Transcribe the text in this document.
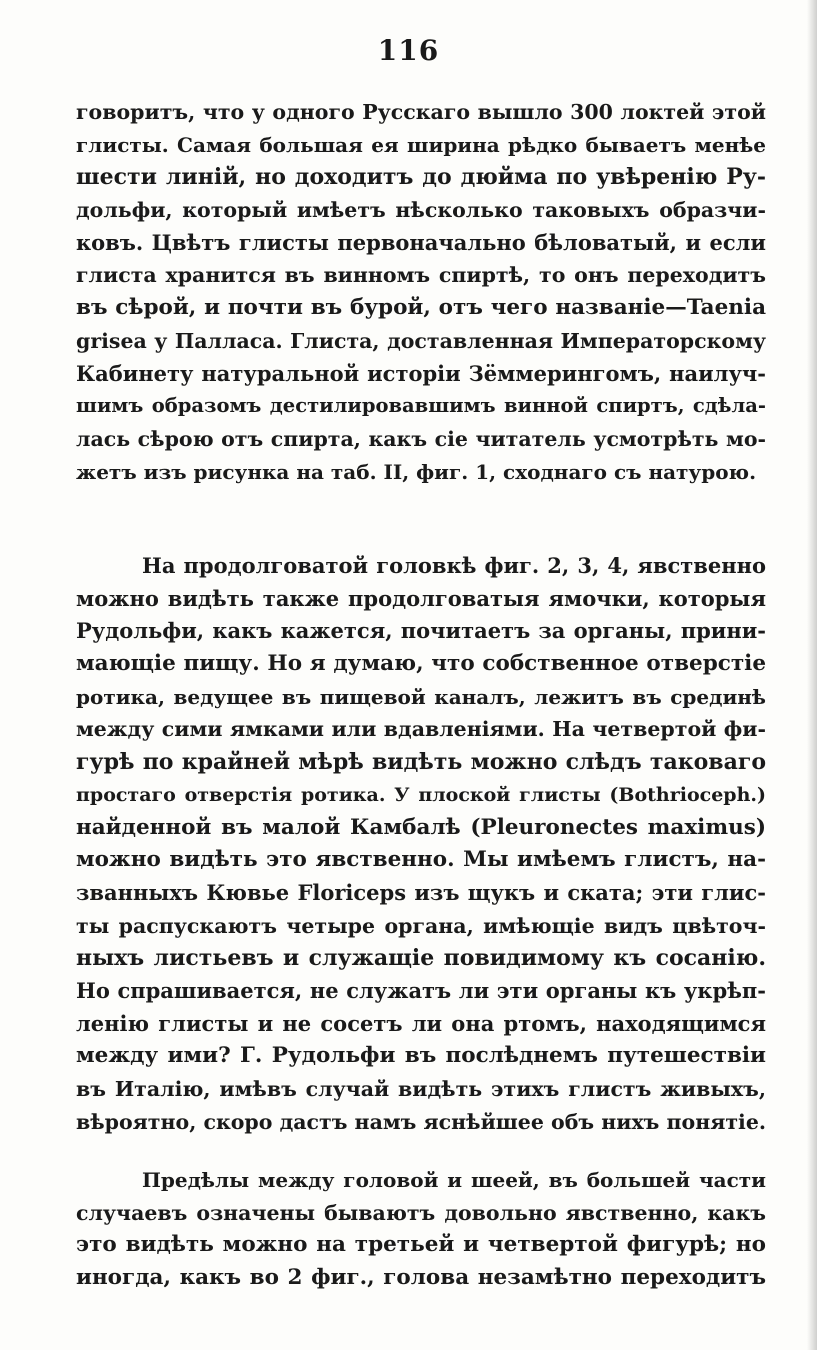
116
говоритъ, что у одного Русскаго вышло 300 локтей этой
глисты. Самая большая ея ширина рѣдко бываетъ менѣе
шести линій, но доходитъ до дюйма по увѣренію Ру-
дольфи, который имѣетъ нѣсколько таковыхъ образчи-
ковъ. Цвѣтъ глисты первоначально бѣловатый, и если
глиста хранится въ винномъ спиртѣ, то онъ переходитъ
въ сѣрой, и почти въ бурой, отъ чего названіе—Taenia
grisea у Палласа. Глиста, доставленная Императорскому
Кабинету натуральной исторіи Зёммерингомъ, наилуч-
шимъ образомъ дестилировавшимъ винной спиртъ, сдѣла-
лась сѣрою отъ спирта, какъ сіе читатель усмотрѣть мо-
жетъ изъ рисунка на таб. II, фиг. 1, сходнаго съ натурою.
На продолговатой головкѣ фиг. 2, 3, 4, явственно
можно видѣть также продолговатыя ямочки, которыя
Рудольфи, какъ кажется, почитаетъ за органы, прини-
мающіе пищу. Но я думаю, что собственное отверстіе
ротика, ведущее въ пищевой каналъ, лежитъ въ срединѣ
между сими ямками или вдавленіями. На четвертой фи-
гурѣ по крайней мѣрѣ видѣть можно слѣдъ таковаго
простаго отверстія ротика. У плоской глисты (Bothrioceph.)
найденной въ малой Камбалѣ (Pleuronectes maximus)
можно видѣть это явственно. Мы имѣемъ глистъ, на-
званныхъ Кювье Floriceps изъ щукъ и ската; эти глис-
ты распускаютъ четыре органа, имѣющіе видъ цвѣточ-
ныхъ листьевъ и служащіе повидимому къ сосанію.
Но спрашивается, не служатъ ли эти органы къ укрѣп-
ленію глисты и не соcетъ ли она ртомъ, находящимся
между ими? Г. Рудольфи въ послѣднемъ путешествіи
въ Италію, имѣвъ случай видѣть этихъ глистъ живыхъ,
вѣроятно, скоро дастъ намъ яснѣйшее объ нихъ понятіе.
Предѣлы между головой и шеей, въ большей части
случаевъ означены бываютъ довольно явственно, какъ
это видѣть можно на третьей и четвертой фигурѣ; но
иногда, какъ во 2 фиг., голова незамѣтно переходитъ
